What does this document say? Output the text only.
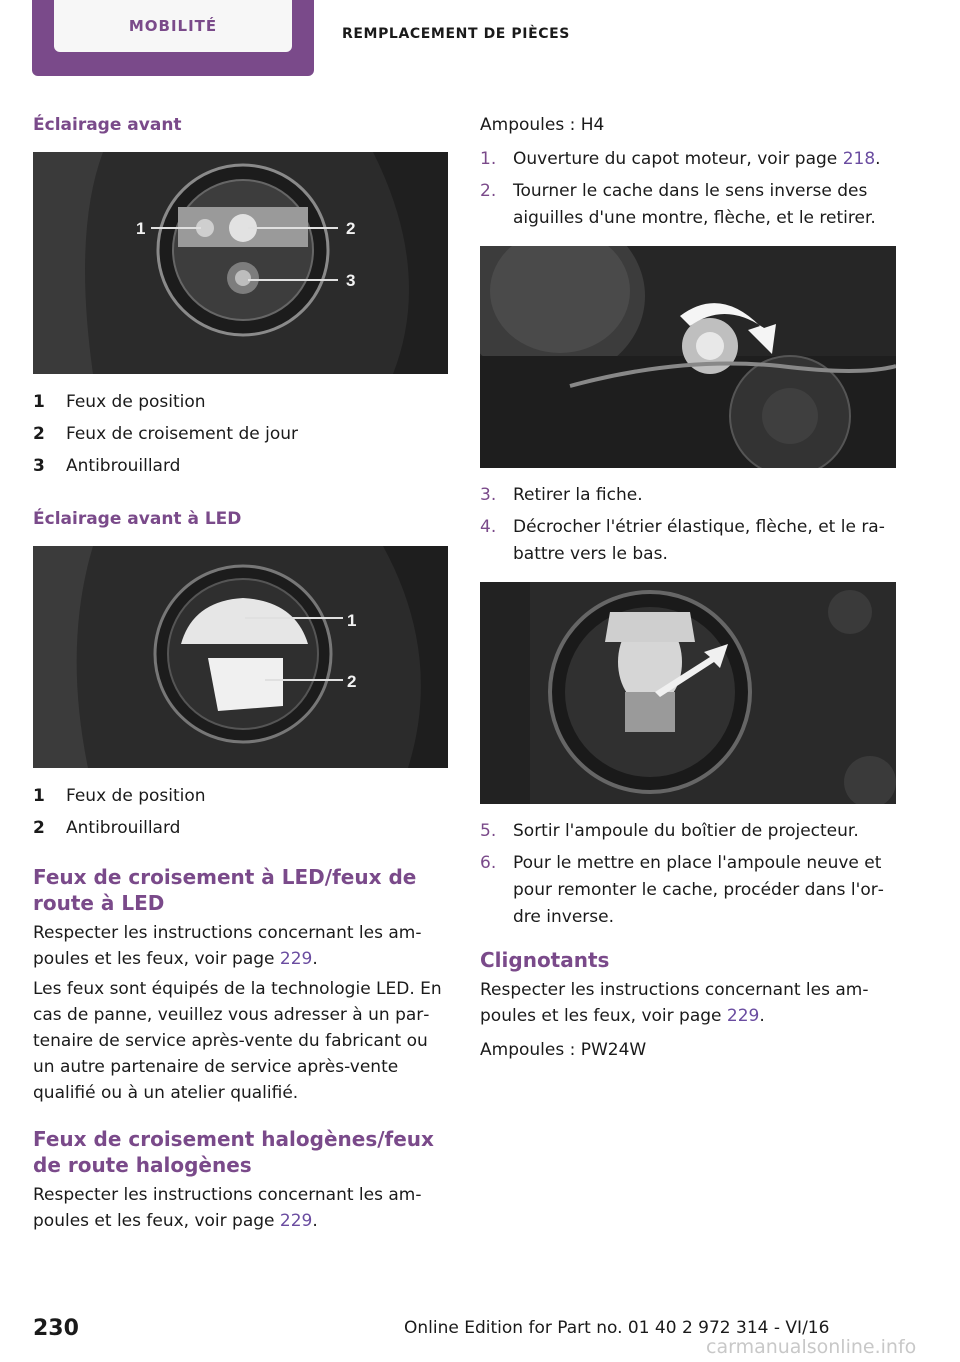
MOBILITÉ	REMPLACEMENT DE PIÈCES
Éclairage avant
1	2
3
1	Feux de position
2	Feux de croisement de jour
3	Antibrouillard
Éclairage avant à LED
1
2
1	Feux de position
2	Antibrouillard
Feux de croisement à LED/feux de route à LED
Respecter les instructions concernant les ampoules et les feux, voir page 229.
Les feux sont équipés de la technologie LED. En cas de panne, veuillez vous adresser à un partenaire de service après-vente du fabricant ou un autre partenaire de service après-vente qualifié ou à un atelier qualifié.
Feux de croisement halogènes/feux de route halogènes
Respecter les instructions concernant les ampoules et les feux, voir page 229.
Ampoules : H4
1. Ouverture du capot moteur, voir page 218.
2. Tourner le cache dans le sens inverse des aiguilles d'une montre, flèche, et le retirer.
3. Retirer la fiche.
4. Décrocher l'étrier élastique, flèche, et le rabattre vers le bas.
5. Sortir l'ampoule du boîtier de projecteur.
6. Pour le mettre en place l'ampoule neuve et pour remonter le cache, procéder dans l'ordre inverse.
Clignotants
Respecter les instructions concernant les ampoules et les feux, voir page 229.
Ampoules : PW24W
230	Online Edition for Part no. 01 40 2 972 314 - VI/16
carmanualsonline.info
